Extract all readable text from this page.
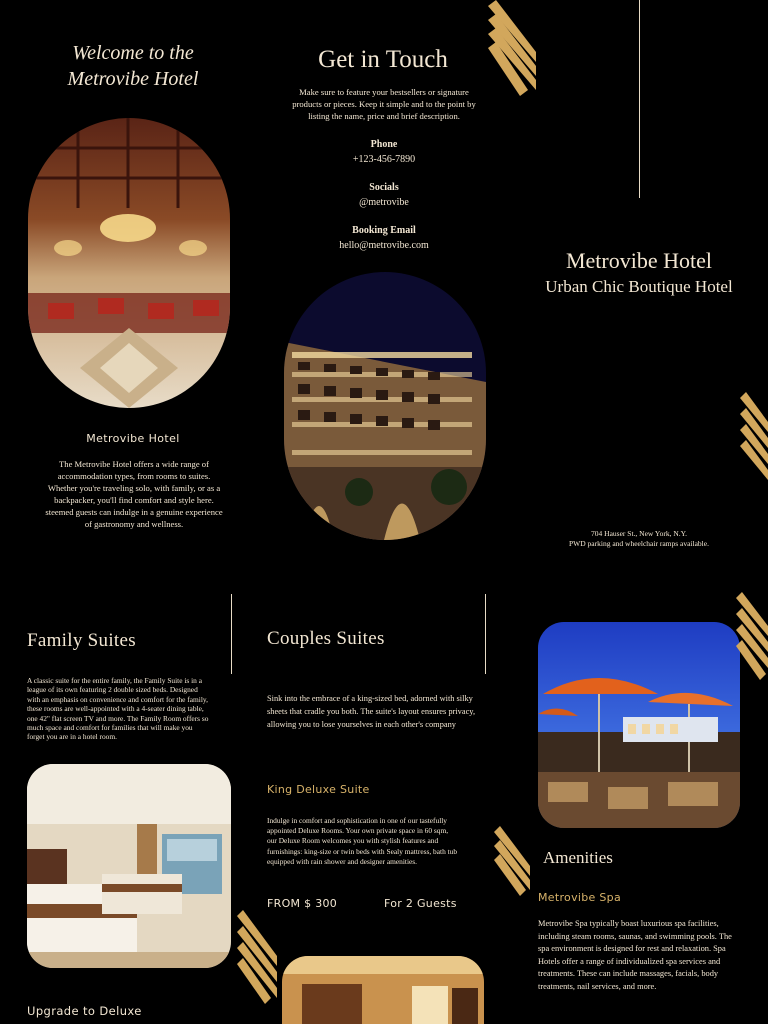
Welcome to the
Metrovibe Hotel
Metrovibe Hotel
The Metrovibe Hotel offers a wide range of accommodation types, from rooms to suites. Whether you're traveling solo, with family, or as a backpacker, you'll find comfort and style here. steemed guests can indulge in a genuine experience of gastronomy and wellness.
Get in Touch
Make sure to feature your bestsellers or signature products or pieces. Keep it simple and to the point by listing the name, price and brief description.
Phone
+123-456-7890
Socials
@metrovibe
Booking Email
hello@metrovibe.com
Metrovibe Hotel
Urban Chic Boutique Hotel
704 Hauser St., New York, N.Y.
PWD parking and wheelchair ramps available.
Family Suites
A classic suite for the entire family, the Family Suite is in a league of its own featuring 2 double sized beds. Designed with an emphasis on convenience and comfort for the family, these rooms are well-appointed with a 4-seater dining table, one 42" flat screen TV and more. The Family Room offers so much space and comfort for families that will make you forget you are in a hotel room.
Upgrade to Deluxe
Couples Suites
Sink into the embrace of a king-sized bed, adorned with silky sheets that cradle you both. The suite's layout ensures privacy, allowing you to lose yourselves in each other's company
King Deluxe Suite
Indulge in comfort and sophistication in one of our tastefully appointed Deluxe Rooms. Your own private space in 60 sqm, our Deluxe Room welcomes you with stylish features and furnishings: king-size or twin beds with Sealy mattress, bath tub equipped with rain shower and designer amenities.
FROM $ 300	For 2 Guests
Amenities
Metrovibe Spa
Metrovibe Spa typically boast luxurious spa facilities, including steam rooms, saunas, and swimming pools. The spa environment is designed for rest and relaxation. Spa Hotels offer a range of individualized spa services and treatments. These can include massages, facials, body treatments, nail services, and more.
